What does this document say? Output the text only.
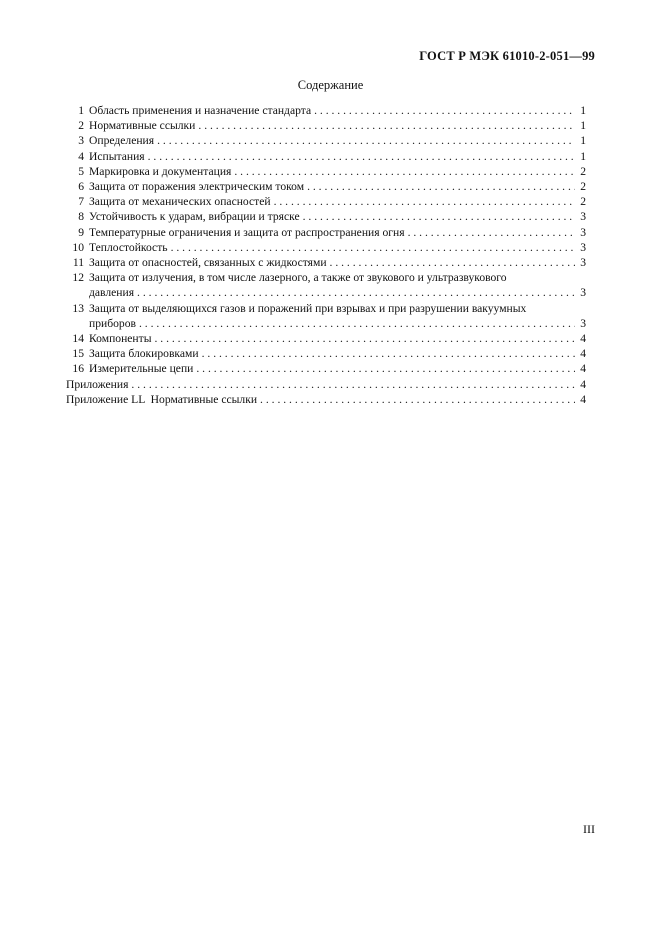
ГОСТ Р МЭК 61010-2-051—99
Содержание
1 Область применения и назначение стандарта . . .	1
2 Нормативные ссылки . . .	1
3 Определения . . .	1
4 Испытания . . .	1
5 Маркировка и документация . . .	2
6 Защита от поражения электрическим током . . .	2
7 Защита от механических опасностей . . .	2
8 Устойчивость к ударам, вибрации и тряске . . .	3
9 Температурные ограничения и защита от распространения огня . . .	3
10 Теплостойкость . . .	3
11 Защита от опасностей, связанных с жидкостями . . .	3
12 Защита от излучения, в том числе лазерного, а также от звукового и ультразвукового
давления . . .	3
13 Защита от выделяющихся газов и поражений при взрывах и при разрушении вакуумных
приборов . . .	3
14 Компоненты . . .	4
15 Защита блокировками . . .	4
16 Измерительные цепи . . .	4
Приложения . . .	4
Приложение LL  Нормативные ссылки . . .	4
III
